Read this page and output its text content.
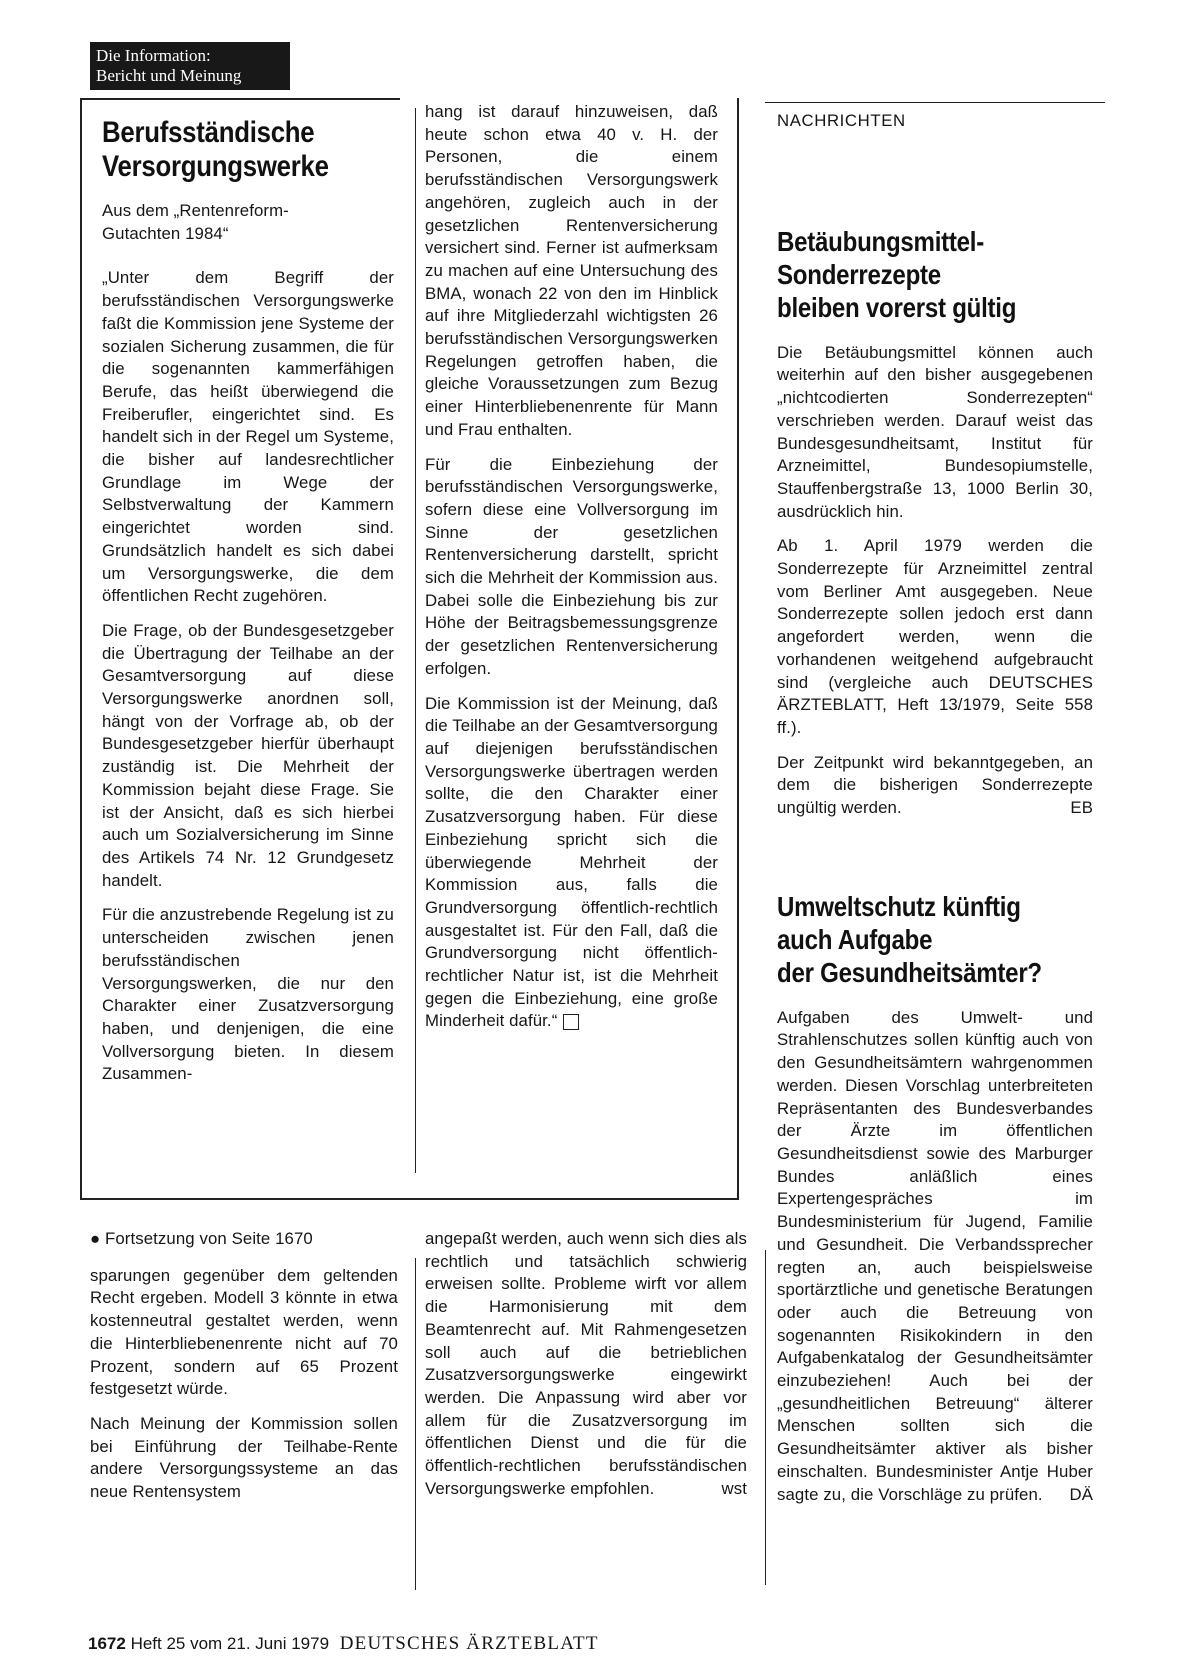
Die Information:
Bericht und Meinung
Berufsständische
Versorgungswerke
Aus dem „Rentenreform-
Gutachten 1984“

„Unter dem Begriff der berufsständischen Versorgungswerke faßt die Kommission jene Systeme der sozialen Sicherung zusammen, die für die sogenannten kammerfähigen Berufe, das heißt überwiegend die Freiberufler, eingerichtet sind. Es handelt sich in der Regel um Systeme, die bisher auf landesrechtlicher Grundlage im Wege der Selbstverwaltung der Kammern eingerichtet worden sind. Grundsätzlich handelt es sich dabei um Versorgungswerke, die dem öffentlichen Recht zugehören.

Die Frage, ob der Bundesgesetzgeber die Übertragung der Teilhabe an der Gesamtversorgung auf diese Versorgungswerke anordnen soll, hängt von der Vorfrage ab, ob der Bundesgesetzgeber hierfür überhaupt zuständig ist. Die Mehrheit der Kommission bejaht diese Frage. Sie ist der Ansicht, daß es sich hierbei auch um Sozialversicherung im Sinne des Artikels 74 Nr. 12 Grundgesetz handelt.

Für die anzustrebende Regelung ist zu unterscheiden zwischen jenen berufsständischen Versorgungswerken, die nur den Charakter einer Zusatzversorgung haben, und denjenigen, die eine Vollversorgung bieten. In diesem Zusammen-

hang ist darauf hinzuweisen, daß heute schon etwa 40 v. H. der Personen, die einem berufsständischen Versorgungswerk angehören, zugleich auch in der gesetzlichen Rentenversicherung versichert sind. Ferner ist aufmerksam zu machen auf eine Untersuchung des BMA, wonach 22 von den im Hinblick auf ihre Mitgliederzahl wichtigsten 26 berufsständischen Versorgungswerken Regelungen getroffen haben, die gleiche Voraussetzungen zum Bezug einer Hinterbliebenenrente für Mann und Frau enthalten.

Für die Einbeziehung der berufsständischen Versorgungswerke, sofern diese eine Vollversorgung im Sinne der gesetzlichen Rentenversicherung darstellt, spricht sich die Mehrheit der Kommission aus. Dabei solle die Einbeziehung bis zur Höhe der Beitragsbemessungsgrenze der gesetzlichen Rentenversicherung erfolgen.

Die Kommission ist der Meinung, daß die Teilhabe an der Gesamtversorgung auf diejenigen berufsständischen Versorgungswerke übertragen werden sollte, die den Charakter einer Zusatzversorgung haben. Für diese Einbeziehung spricht sich die überwiegende Mehrheit der Kommission aus, falls die Grundversorgung öffentlich-rechtlich ausgestaltet ist. Für den Fall, daß die Grundversorgung nicht öffentlich-rechtlicher Natur ist, ist die Mehrheit gegen die Einbeziehung, eine große Minderheit dafür.“

● Fortsetzung von Seite 1670

sparungen gegenüber dem geltenden Recht ergeben. Modell 3 könnte in etwa kostenneutral gestaltet werden, wenn die Hinterbliebenenrente nicht auf 70 Prozent, sondern auf 65 Prozent festgesetzt würde.

Nach Meinung der Kommission sollen bei Einführung der Teilhabe-Rente andere Versorgungssysteme an das neue Rentensystem

angepaßt werden, auch wenn sich dies als rechtlich und tatsächlich schwierig erweisen sollte. Probleme wirft vor allem die Harmonisierung mit dem Beamtenrecht auf. Mit Rahmengesetzen soll auch auf die betrieblichen Zusatzversorgungswerke eingewirkt werden. Die Anpassung wird aber vor allem für die Zusatzversorgung im öffentlichen Dienst und die für die öffentlich-rechtlichen berufsständischen Versorgungswerke empfohlen.	wst

NACHRICHTEN

Betäubungsmittel-
Sonderrezepte
bleiben vorerst gültig

Die Betäubungsmittel können auch weiterhin auf den bisher ausgegebenen „nichtcodierten Sonderrezepten“ verschrieben werden. Darauf weist das Bundesgesundheitsamt, Institut für Arzneimittel, Bundesopiumstelle, Stauffenbergstraße 13, 1000 Berlin 30, ausdrücklich hin.

Ab 1. April 1979 werden die Sonderrezepte für Arzneimittel zentral vom Berliner Amt ausgegeben. Neue Sonderrezepte sollen jedoch erst dann angefordert werden, wenn die vorhandenen weitgehend aufgebraucht sind (vergleiche auch DEUTSCHES ÄRZTEBLATT, Heft 13/1979, Seite 558 ff.).

Der Zeitpunkt wird bekanntgegeben, an dem die bisherigen Sonderrezepte ungültig werden.	EB

Umweltschutz künftig
auch Aufgabe
der Gesundheitsämter?

Aufgaben des Umwelt- und Strahlenschutzes sollen künftig auch von den Gesundheitsämtern wahrgenommen werden. Diesen Vorschlag unterbreiteten Repräsentanten des Bundesverbandes der Ärzte im öffentlichen Gesundheitsdienst sowie des Marburger Bundes anläßlich eines Expertengespräches im Bundesministerium für Jugend, Familie und Gesundheit. Die Verbandssprecher regten an, auch beispielsweise sportärztliche und genetische Beratungen oder auch die Betreuung von sogenannten Risikokindern in den Aufgabenkatalog der Gesundheitsämter einzubeziehen! Auch bei der „gesundheitlichen Betreuung“ älterer Menschen sollten sich die Gesundheitsämter aktiver als bisher einschalten. Bundesminister Antje Huber sagte zu, die Vorschläge zu prüfen. DÄ

1672 Heft 25 vom 21. Juni 1979 DEUTSCHES ÄRZTEBLATT
